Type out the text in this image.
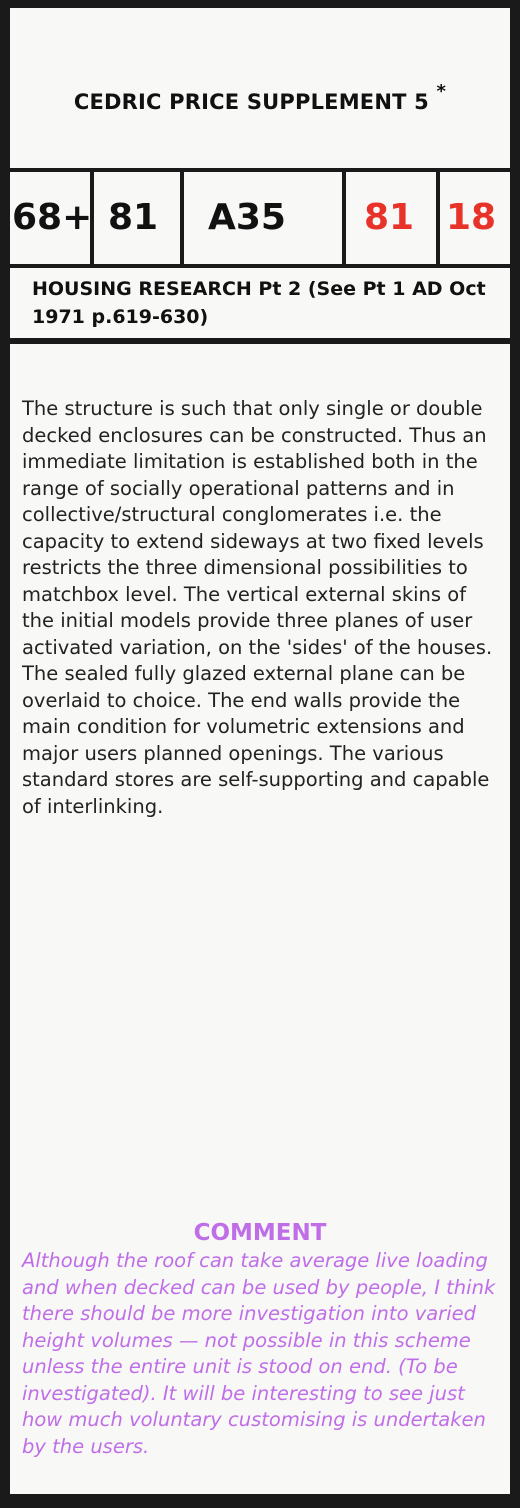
CEDRIC PRICE SUPPLEMENT 5 *
68+ 81	A35	81 18
HOUSING RESEARCH Pt 2 (See Pt 1 AD Oct 1971 p.619-630)
The structure is such that only single or double decked enclosures can be constructed. Thus an immediate limitation is established both in the range of socially operational patterns and in collective/structural conglomerates i.e. the capacity to extend sideways at two fixed levels restricts the three dimensional possibilities to matchbox level. The vertical external skins of the initial models provide three planes of user activated variation, on the 'sides' of the houses. The sealed fully glazed external plane can be overlaid to choice. The end walls provide the main condition for volumetric extensions and major users planned openings. The various standard stores are self-supporting and capable of interlinking.
COMMENT
Although the roof can take average live loading and when decked can be used by people, I think there should be more investigation into varied height volumes — not possible in this scheme unless the entire unit is stood on end. (To be investigated). It will be interesting to see just how much voluntary customising is undertaken by the users.
